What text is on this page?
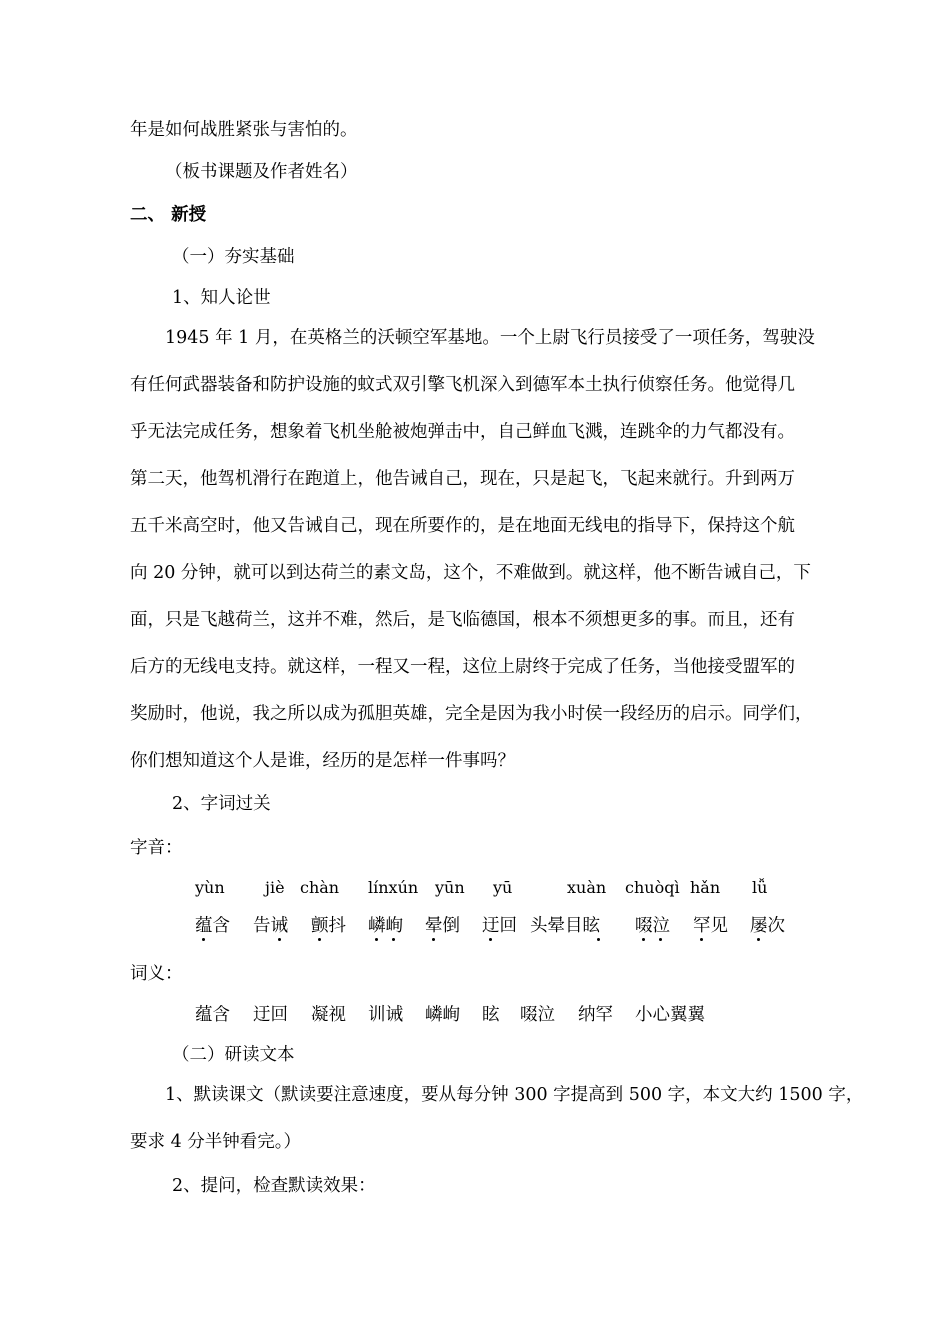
年是如何战胜紧张与害怕的。
（板书课题及作者姓名）
二、 新授
（一）夯实基础
1、知人论世

　　1945 年 1 月，在英格兰的沃顿空军基地。一个上尉飞行员接受了一项任务，驾驶没

有任何武器装备和防护设施的蚊式双引擎飞机深入到德军本土执行侦察任务。他觉得几

乎无法完成任务，想象着飞机坐舱被炮弹击中，自己鲜血飞溅，连跳伞的力气都没有。

第二天，他驾机滑行在跑道上，他告诫自己，现在，只是起飞，飞起来就行。升到两万

五千米高空时，他又告诫自己，现在所要作的，是在地面无线电的指导下，保持这个航

向 20 分钟，就可以到达荷兰的素文岛，这个，不难做到。就这样，他不断告诫自己，下

面，只是飞越荷兰，这并不难，然后，是飞临德国，根本不须想更多的事。而且，还有

后方的无线电支持。就这样，一程又一程，这位上尉终于完成了任务，当他接受盟军的

奖励时，他说，我之所以成为孤胆英雄，完全是因为我小时侯一段经历的启示。同学们，

你们想知道这个人是谁，经历的是怎样一件事吗？

2、字词过关
字音：
yùn	jiè chàn línxún yūn yū	xuàn chuòqì hǎn lǚ
蕴含 告诫 颤抖 嶙峋 晕倒 迂回 头晕目眩 啜泣 罕见 屡次
词义：
蕴含 迂回 凝视 训诫 嶙峋 眩 啜泣 纳罕 小心翼翼
（二）研读文本

　　1、默读课文（默读要注意速度，要从每分钟 300 字提高到 500 字，本文大约 1500 字，

要求 4 分半钟看完。）

2、提问，检查默读效果：
